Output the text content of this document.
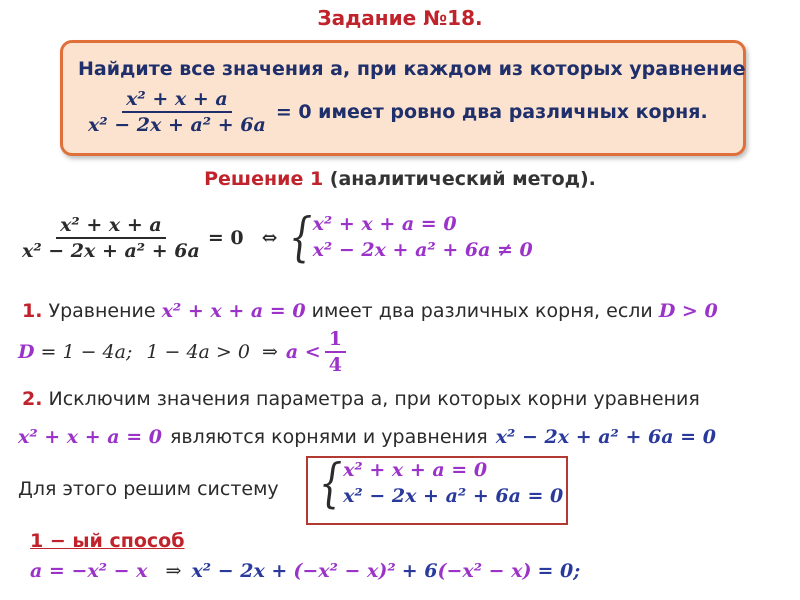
Задание №18.
Найдите все значения a, при каждом из которых уравнение
$\frac{\text{x² + x + a}}{\text{x² − 2x + a² + 6a}} = 0$ имеет ровно два различных корня.
Решение 1 (аналитический метод).
$\frac{\text{x² + x + a}}{\text{x² − 2x + a² + 6a}} = 0$ ⇔ { x² + x + a = 0
x² − 2x + a² + 6a ≠ 0
1. Уравнение x² + x + a = 0 имеет два различных корня, если D > 0
D = 1 − 4a; 1 − 4a > 0 ⇒ $a < \frac{1}{4}$
2. Исключим значения параметра a, при которых корни уравнения
x² + x + a = 0 являются корнями и уравнения x² − 2x + a² + 6a = 0
Для этого решим систему { x² + x + a = 0
x² − 2x + a² + 6a = 0
1 − ый способ
a = −x² − x ⇒ x² − 2x + (−x² − x)² + 6 (−x² − x) = 0;
